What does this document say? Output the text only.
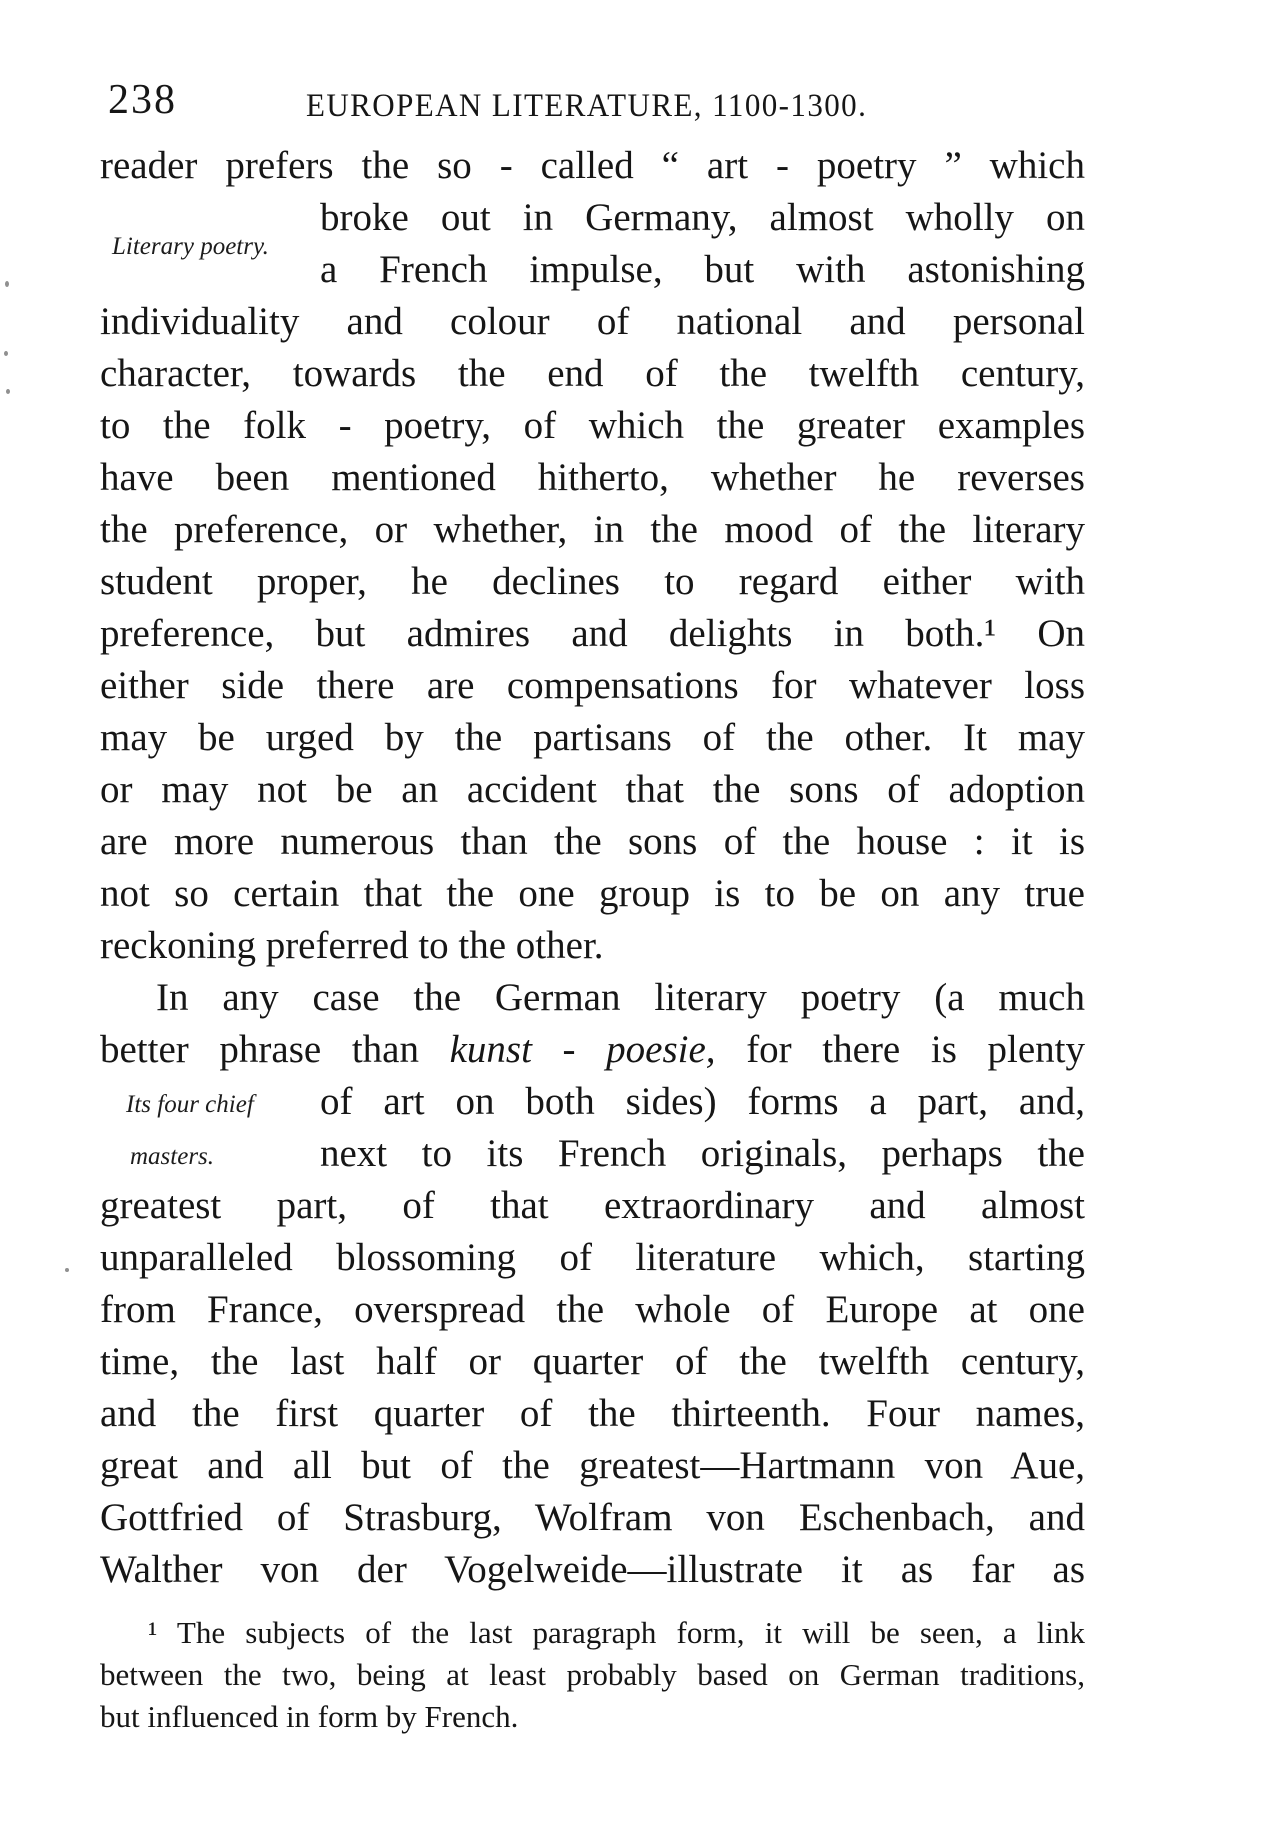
238	EUROPEAN LITERATURE, 1100-1300.
Literary poetry.
Its four chief
masters.
reader prefers the so - called “ art - poetry ” which
broke out in Germany, almost wholly on
a French impulse, but with astonishing
individuality and colour of national and personal
character, towards the end of the twelfth century,
to the folk - poetry, of which the greater examples
have been mentioned hitherto, whether he reverses
the preference, or whether, in the mood of the literary
student proper, he declines to regard either with
preference, but admires and delights in both.¹ On
either side there are compensations for whatever loss
may be urged by the partisans of the other. It may
or may not be an accident that the sons of adoption
are more numerous than the sons of the house : it is
not so certain that the one group is to be on any true
reckoning preferred to the other.
In any case the German literary poetry (a much
better phrase than kunst - poesie, for there is plenty
of art on both sides) forms a part, and,
next to its French originals, perhaps the
greatest part, of that extraordinary and almost
unparalleled blossoming of literature which, starting
from France, overspread the whole of Europe at one
time, the last half or quarter of the twelfth century,
and the first quarter of the thirteenth. Four names,
great and all but of the greatest—Hartmann von Aue,
Gottfried of Strasburg, Wolfram von Eschenbach, and
Walther von der Vogelweide—illustrate it as far as
¹ The subjects of the last paragraph form, it will be seen, a link
between the two, being at least probably based on German traditions,
but influenced in form by French.
